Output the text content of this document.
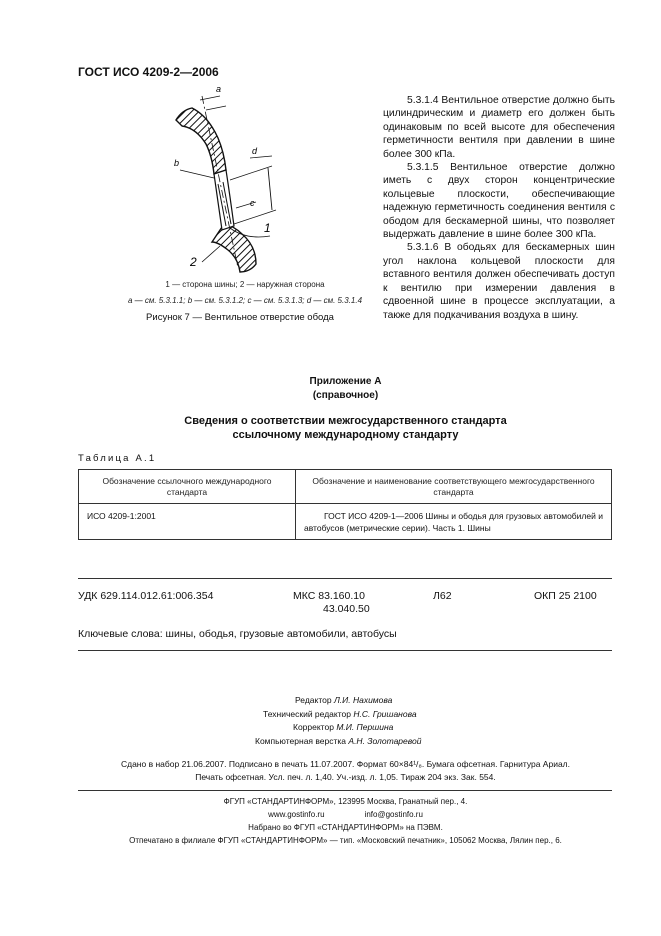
ГОСТ ИСО 4209-2—2006
a
b
d
c
1
2
1 — сторона шины; 2 — наружная сторона
a — см. 5.3.1.1; b — см. 5.3.1.2; c — см. 5.3.1.3; d — см. 5.3.1.4
Рисунок 7 — Вентильное отверстие обода

5.3.1.4 Вентильное отверстие должно быть цилиндрическим и диаметр его должен быть одинаковым по всей высоте для обеспечения герметичности вентиля при давлении в шине более 300 кПа.

5.3.1.5 Вентильное отверстие должно иметь с двух сторон концентрические кольцевые плоскости, обеспечивающие надежную герметичность соединения вентиля с ободом для бескамерной шины, что позволяет выдержать давление в шине более 300 кПа.

5.3.1.6 В ободьях для бескамерных шин угол наклона кольцевой плоскости для вставного вентиля должен обеспечивать доступ к вентилю при измерении давления в сдвоенной шине в процессе эксплуатации, а также для подкачивания воздуха в шину.

Приложение А
(справочное)
Сведения о соответствии межгосударственного стандарта
ссылочному международному стандарту
Таблица А.1
Обозначение ссылочного международного стандарта	Обозначение и наименование соответствующего межгосударственного стандарта
ИСО 4209-1:2001	ГОСТ ИСО 4209-1—2006 Шины и ободья для грузовых автомобилей и автобусов (метрические серии). Часть 1. Шины
УДК 629.114.012.61:006.354	МКС 83.160.10
43.040.50
Л62	ОКП 25 2100
Ключевые слова: шины, ободья, грузовые автомобили, автобусы
Редактор Л.И. Нахимова
Технический редактор Н.С. Гришанова
Корректор М.И. Першина
Компьютерная верстка А.Н. Золотаревой
Сдано в набор 21.06.2007. Подписано в печать 11.07.2007. Формат 60×84¹/₈. Бумага офсетная. Гарнитура Ариал.
Печать офсетная. Усл. печ. л. 1,40. Уч.-изд. л. 1,05. Тираж 204 экз. Зак. 554.
ФГУП «СТАНДАРТИНФОРМ», 123995 Москва, Гранатный пер., 4.
www.gostinfo.ru	info@gostinfo.ru
Набрано во ФГУП «СТАНДАРТИНФОРМ» на ПЭВМ.
Отпечатано в филиале ФГУП «СТАНДАРТИНФОРМ» — тип. «Московский печатник», 105062 Москва, Лялин пер., 6.
